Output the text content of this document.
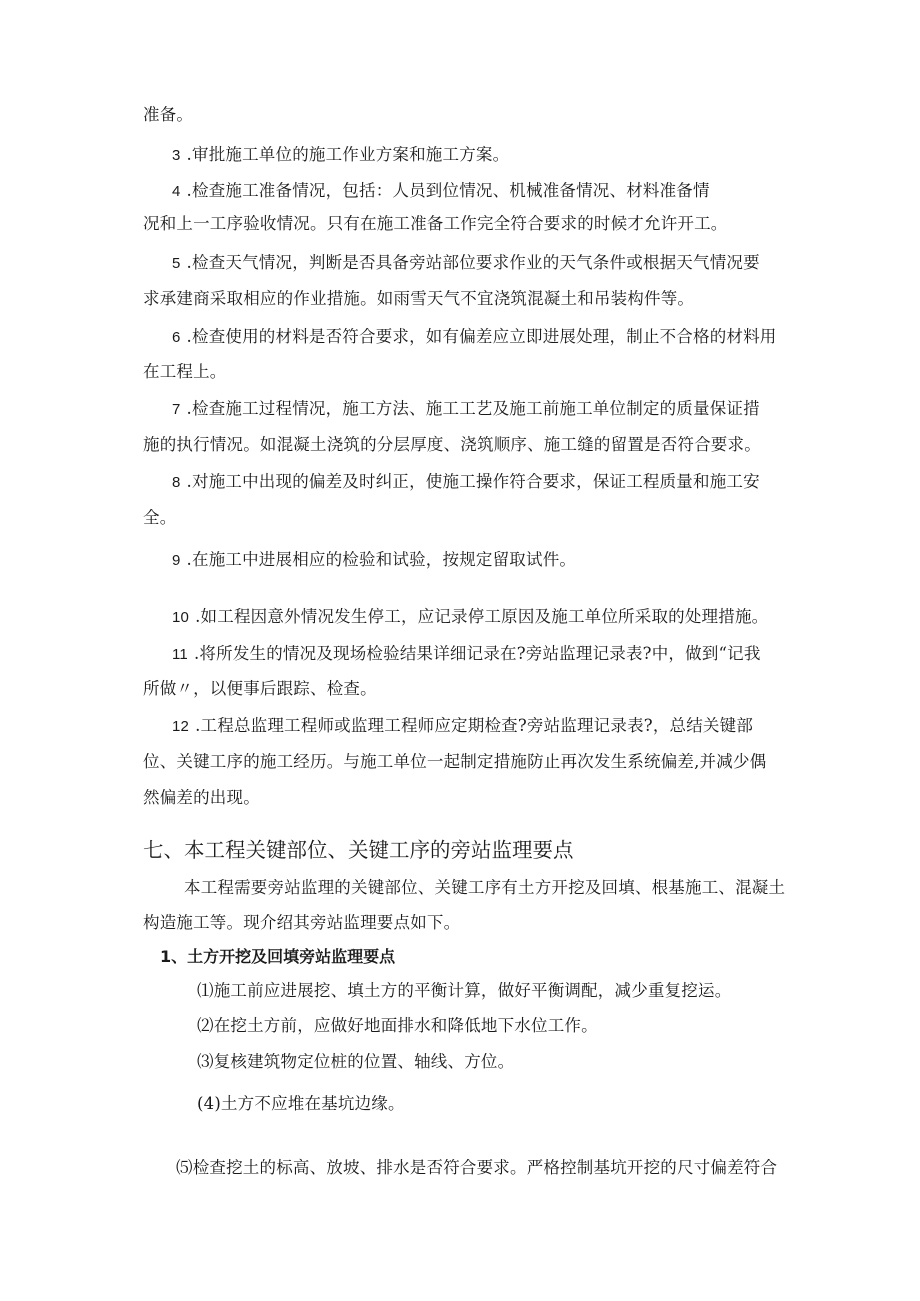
准备。
3 .审批施工单位的施工作业方案和施工方案。
4 .检查施工准备情况，包括：人员到位情况、机械准备情况、材料准备情
况和上一工序验收情况。只有在施工准备工作完全符合要求的时候才允许开工。
5 .检查天气情况，判断是否具备旁站部位要求作业的天气条件或根据天气情况要
求承建商采取相应的作业措施。如雨雪天气不宜浇筑混凝土和吊装构件等。
6 .检查使用的材料是否符合要求，如有偏差应立即进展处理，制止不合格的材料用
在工程上。
7 .检查施工过程情况，施工方法、施工工艺及施工前施工单位制定的质量保证措
施的执行情况。如混凝土浇筑的分层厚度、浇筑顺序、施工缝的留置是否符合要求。
8 .对施工中出现的偏差及时纠正，使施工操作符合要求，保证工程质量和施工安
全。
9 .在施工中进展相应的检验和试验，按规定留取试件。
10 .如工程因意外情况发生停工，应记录停工原因及施工单位所采取的处理措施。
11 .将所发生的情况及现场检验结果详细记录在?旁站监理记录表?中，做到“记我
所做〃，以便事后跟踪、检查。
12 .工程总监理工程师或监理工程师应定期检查?旁站监理记录表?，总结关键部
位、关键工序的施工经历。与施工单位一起制定措施防止再次发生系统偏差,并减少偶
然偏差的出现。
七、本工程关键部位、关键工序的旁站监理要点
本工程需要旁站监理的关键部位、关键工序有土方开挖及回填、根基施工、混凝土
构造施工等。现介绍其旁站监理要点如下。
1、土方开挖及回填旁站监理要点
⑴施工前应进展挖、填土方的平衡计算，做好平衡调配，减少重复挖运。
⑵在挖土方前，应做好地面排水和降低地下水位工作。
⑶复核建筑物定位桩的位置、轴线、方位。
(4)土方不应堆在基坑边缘。
⑸检查挖土的标高、放坡、排水是否符合要求。严格控制基坑开挖的尺寸偏差符合
